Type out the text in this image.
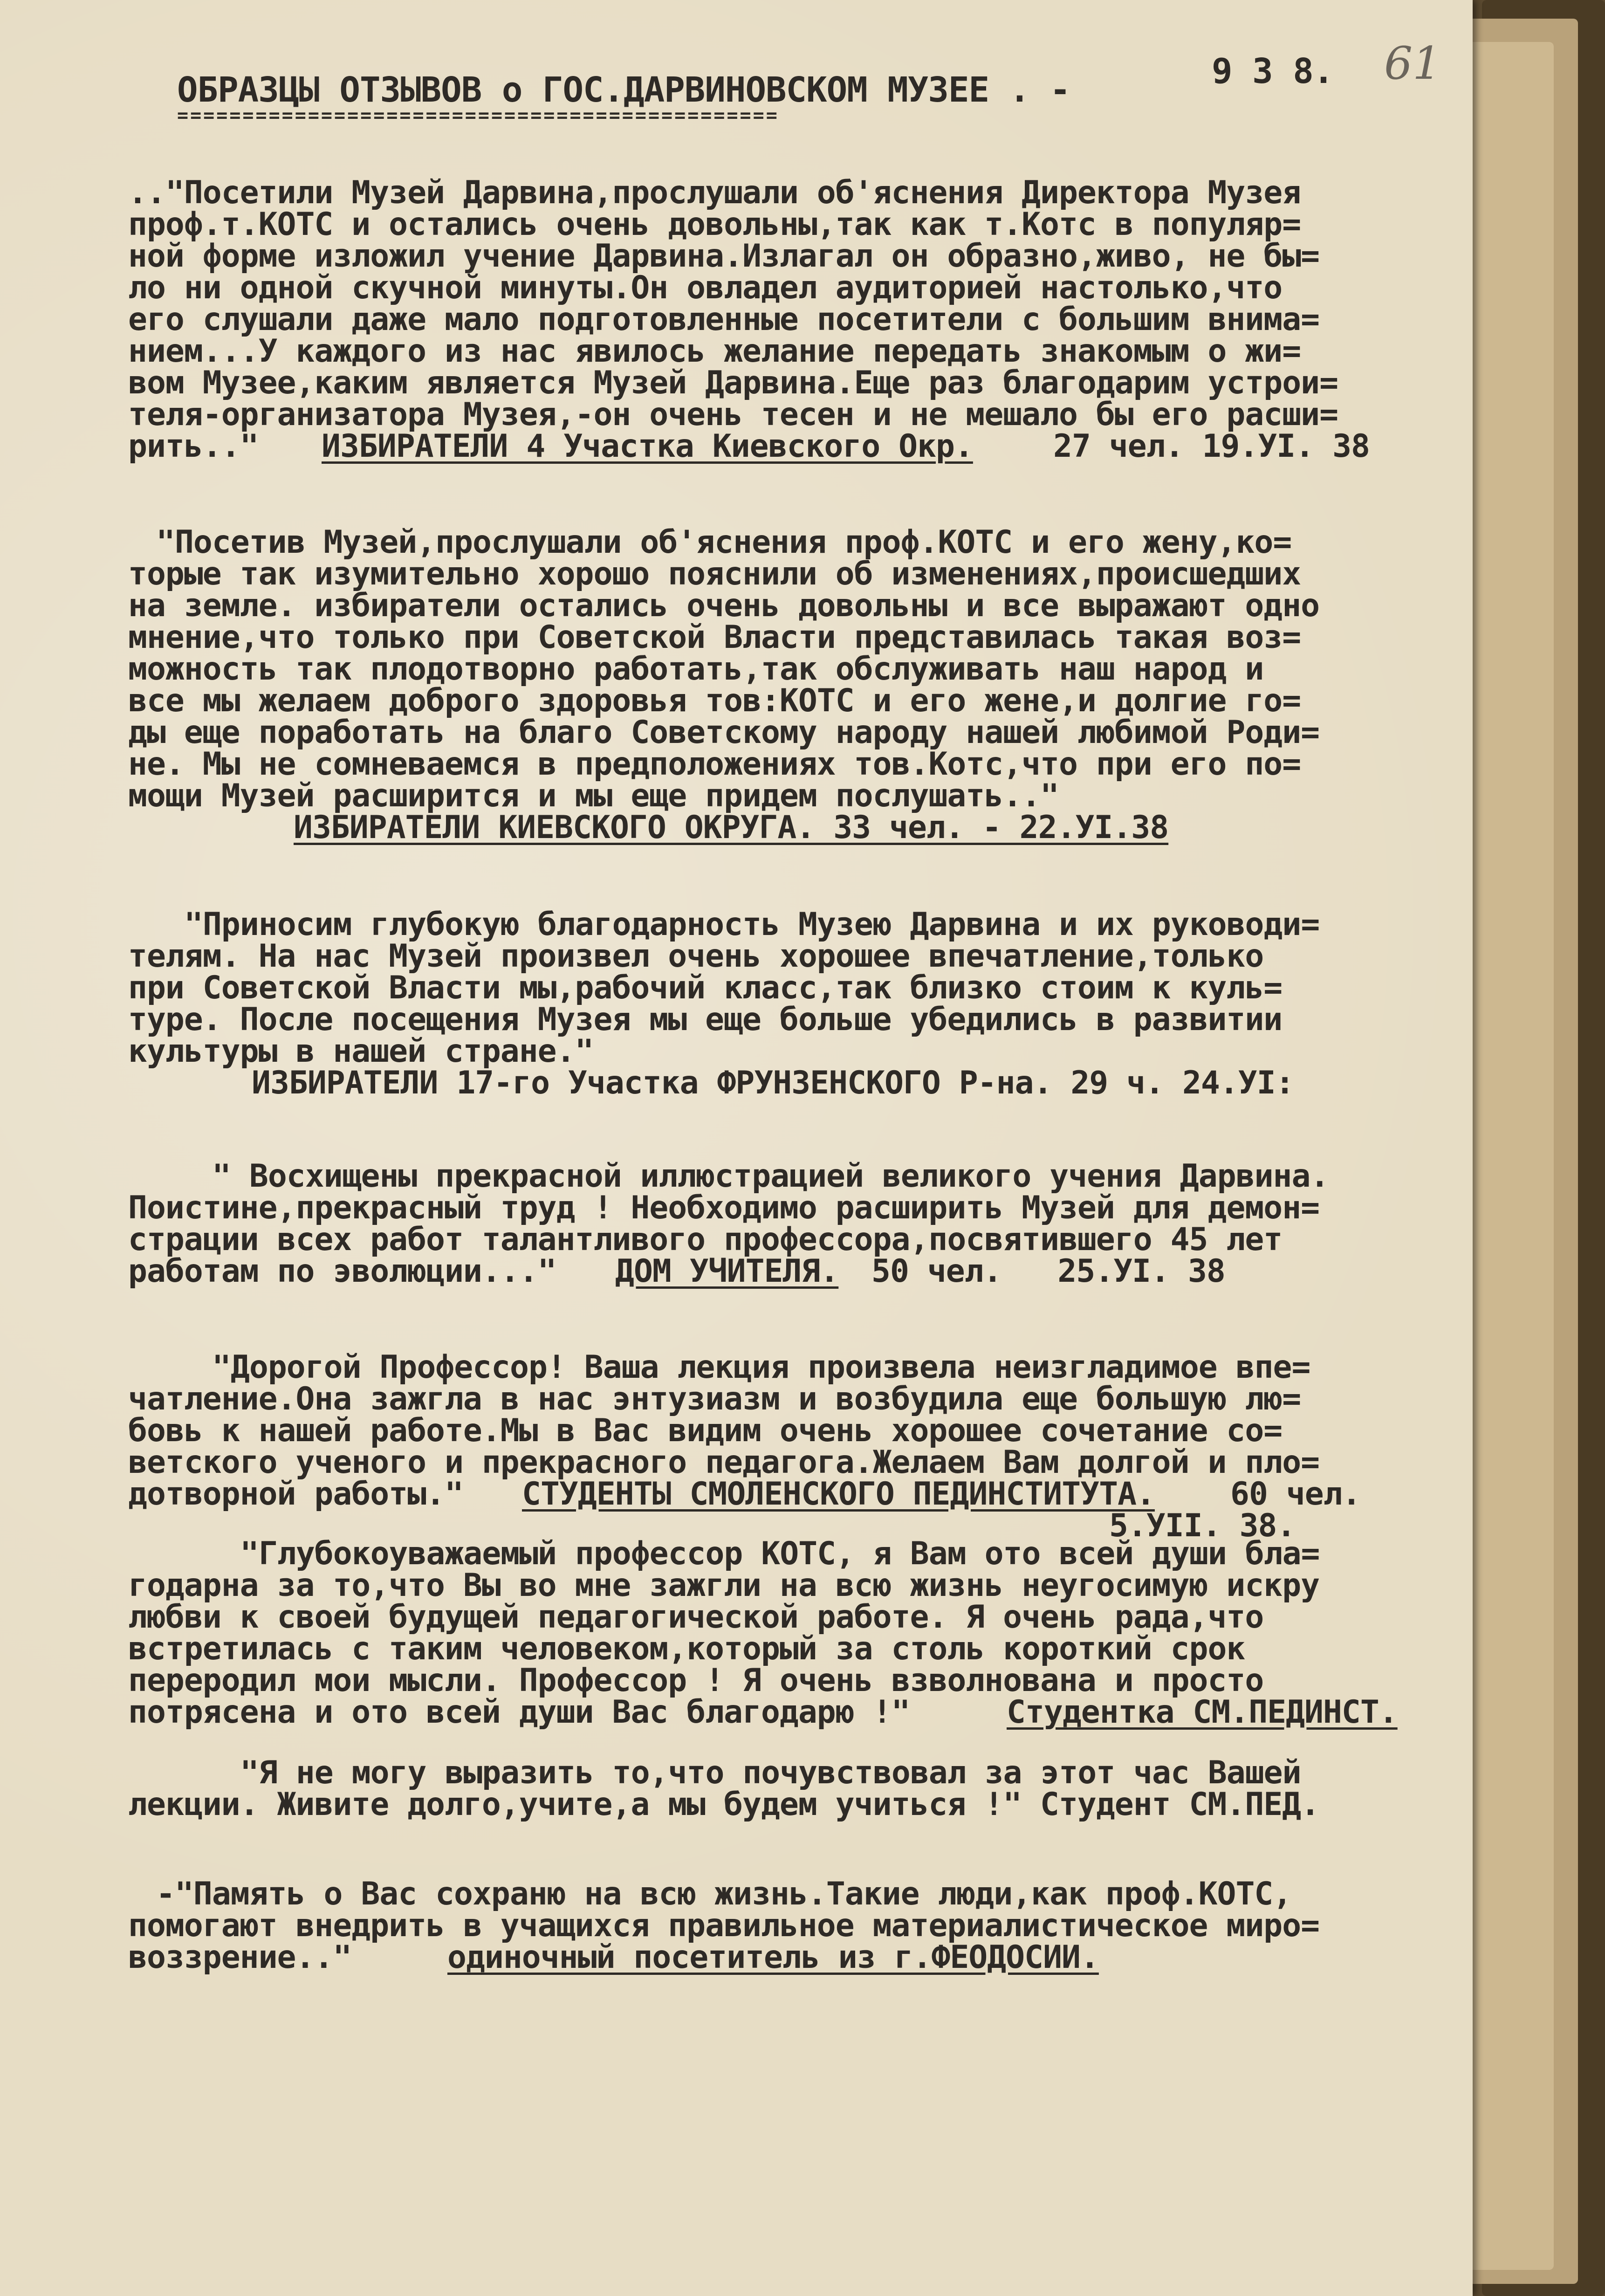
ОБРАЗЦЫ ОТЗЫВОВ о ГОС.ДАРВИНОВСКОМ МУЗЕЕ . -
==============================================
9 3 8. 61
.."Посетили Музей Дарвина,прослушали об'яснения Директора Музея
проф.т.КОТС и остались очень довольны,так как т.Котс в популяр=
ной форме изложил учение Дарвина.Излагал он образно,живо, не бы=
ло ни одной скучной минуты.Он овладел аудиторией настолько,что
его слушали даже мало подготовленные посетители с большим внима=
нием...У каждого из нас явилось желание передать знакомым о жи=
вом Музее,каким является Музей Дарвина.Еще раз благодарим устрои=
теля-организатора Музея,-он очень тесен и не мешало бы его расши=
рить.." ИЗБИРАТЕЛИ 4 Участка Киевского Окр.	27 чел. 19.УI. 38
"Посетив Музей,прослушали об'яснения проф.КОТС и его жену,ко=
торые так изумительно хорошо пояснили об изменениях,происшедших
на земле. избиратели остались очень довольны и все выражают одно
мнение,что только при Советской Власти представилась такая воз=
можность так плодотворно работать,так обслуживать наш народ и
все мы желаем доброго здоровья тов:КОТС и его жене,и долгие го=
ды еще поработать на благо Советскому народу нашей любимой Роди=
не. Мы не сомневаемся в предположениях тов.Котс,что при его по=
мощи Музей расширится и мы еще придем послушать.."
ИЗБИРАТЕЛИ КИЕВСКОГО ОКРУГА. 33 чел. - 22.УI.38
"Приносим глубокую благодарность Музею Дарвина и их руководи=
телям. На нас Музей произвел очень хорошее впечатление,только
при Советской Власти мы,рабочий класс,так близко стоим к куль=
туре. После посещения Музея мы еще больше убедились в развитии
культуры в нашей стране."
ИЗБИРАТЕЛИ 17-го Участка ФРУНЗЕНСКОГО Р-на. 29 ч. 24.УI:
" Восхищены прекрасной иллюстрацией великого учения Дарвина.
Поистине,прекрасный труд ! Необходимо расширить Музей для демон=
страции всех работ талантливого профессора,посвятившего 45 лет
работам по эволюции..." ДОМ УЧИТЕЛЯ. 50 чел.   25.УI. 38
"Дорогой Профессор! Ваша лекция произвела неизгладимое впе=
чатление.Она зажгла в нас энтузиазм и возбудила еще большую лю=
бовь к нашей работе.Мы в Вас видим очень хорошее сочетание со=
ветского ученого и прекрасного педагога.Желаем Вам долгой и пло=
дотворной работы." СТУДЕНТЫ СМОЛЕНСКОГО ПЕДИНСТИТУТА. 60 чел.
5.УII. 38.
"Глубокоуважаемый профессор КОТС, я Вам ото всей души бла=
годарна за то,что Вы во мне зажгли на всю жизнь неугосимую искру
любви к своей будущей педагогической работе. Я очень рада,что
встретилась с таким человеком,который за столь короткий срок
переродил мои мысли. Профессор ! Я очень взволнована и просто
потрясена и ото всей души Вас благодарю !"	Студентка СМ.ПЕДИНСТ.
"Я не могу выразить то,что почувствовал за этот час Вашей
лекции. Живите долго,учите,а мы будем учиться !" Студент СМ.ПЕД.
-"Память о Вас сохраню на всю жизнь.Такие люди,как проф.КОТС,
помогают внедрить в учащихся правильное материалистическое миро=
воззрение.."	одиночный посетитель из г.ФЕОДОСИИ.
